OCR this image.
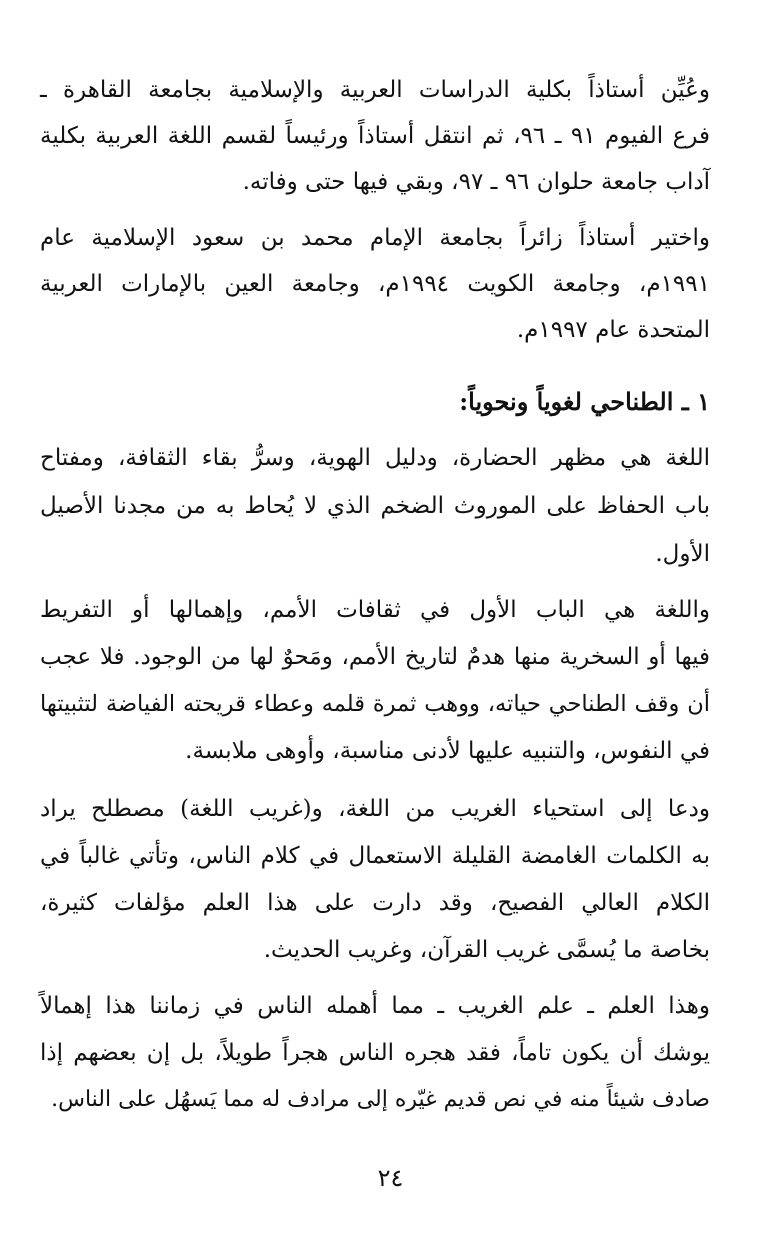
وعُيِّن أستاذاً بكلية الدراسات العربية والإسلامية بجامعة القاهرة ـ
فرع الفيوم ٩١ ـ ٩٦، ثم انتقل أستاذاً ورئيساً لقسم اللغة العربية بكلية
آداب جامعة حلوان ٩٦ ـ ٩٧، وبقي فيها حتى وفاته.
واختير أستاذاً زائراً بجامعة الإمام محمد بن سعود الإسلامية عام
١٩٩١م، وجامعة الكويت ١٩٩٤م، وجامعة العين بالإمارات العربية
المتحدة عام ١٩٩٧م.
١ ـ الطناحي لغوياً ونحوياً:
اللغة هي مظهر الحضارة، ودليل الهوية، وسرُّ بقاء الثقافة، ومفتاح
باب الحفاظ على الموروث الضخم الذي لا يُحاط به من مجدنا الأصيل
الأول.
واللغة هي الباب الأول في ثقافات الأمم، وإهمالها أو التفريط
فيها أو السخرية منها هدمٌ لتاريخ الأمم، ومَحوٌ لها من الوجود. فلا عجب
أن وقف الطناحي حياته، ووهب ثمرة قلمه وعطاء قريحته الفياضة لتثبيتها
في النفوس، والتنبيه عليها لأدنى مناسبة، وأوهى ملابسة.
ودعا إلى استحياء الغريب من اللغة، و(غريب اللغة) مصطلح يراد
به الكلمات الغامضة القليلة الاستعمال في كلام الناس، وتأتي غالباً في
الكلام العالي الفصيح، وقد دارت على هذا العلم مؤلفات كثيرة،
بخاصة ما يُسمَّى غريب القرآن، وغريب الحديث.
وهذا العلم ـ علم الغريب ـ مما أهمله الناس في زماننا هذا إهمالاً
يوشك أن يكون تاماً، فقد هجره الناس هجراً طويلاً، بل إن بعضهم إذا
صادف شيئاً منه في نص قديم غيّره إلى مرادف له مما يَسهُل على الناس.
٢٤
